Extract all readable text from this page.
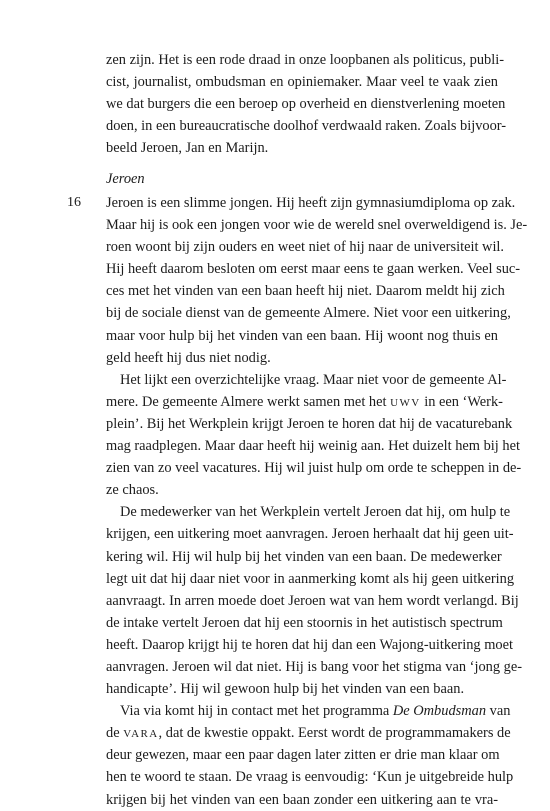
zen zijn. Het is een rode draad in onze loopbanen als politicus, publi-
cist, journalist, ombudsman en opiniemaker. Maar veel te vaak zien
we dat burgers die een beroep op overheid en dienstverlening moeten
doen, in een bureaucratische doolhof verdwaald raken. Zoals bijvoor-
beeld Jeroen, Jan en Marijn.
Jeroen
16 Jeroen is een slimme jongen. Hij heeft zijn gymnasiumdiploma op zak.
Maar hij is ook een jongen voor wie de wereld snel overweldigend is. Je-
roen woont bij zijn ouders en weet niet of hij naar de universiteit wil.
Hij heeft daarom besloten om eerst maar eens te gaan werken. Veel suc-
ces met het vinden van een baan heeft hij niet. Daarom meldt hij zich
bij de sociale dienst van de gemeente Almere. Niet voor een uitkering,
maar voor hulp bij het vinden van een baan. Hij woont nog thuis en
geld heeft hij dus niet nodig.
Het lijkt een overzichtelijke vraag. Maar niet voor de gemeente Al-
mere. De gemeente Almere werkt samen met het UWV in een ‘Werk-
plein’. Bij het Werkplein krijgt Jeroen te horen dat hij de vacaturebank
mag raadplegen. Maar daar heeft hij weinig aan. Het duizelt hem bij het
zien van zo veel vacatures. Hij wil juist hulp om orde te scheppen in de-
ze chaos.
De medewerker van het Werkplein vertelt Jeroen dat hij, om hulp te
krijgen, een uitkering moet aanvragen. Jeroen herhaalt dat hij geen uit-
kering wil. Hij wil hulp bij het vinden van een baan. De medewerker
legt uit dat hij daar niet voor in aanmerking komt als hij geen uitkering
aanvraagt. In arren moede doet Jeroen wat van hem wordt verlangd. Bij
de intake vertelt Jeroen dat hij een stoornis in het autistisch spectrum
heeft. Daarop krijgt hij te horen dat hij dan een Wajong-uitkering moet
aanvragen. Jeroen wil dat niet. Hij is bang voor het stigma van ‘jong ge-
handicapte’. Hij wil gewoon hulp bij het vinden van een baan.
Via via komt hij in contact met het programma De Ombudsman van
de VARA, dat de kwestie oppakt. Eerst wordt de programmamakers de
deur gewezen, maar een paar dagen later zitten er drie man klaar om
hen te woord te staan. De vraag is eenvoudig: ‘Kun je uitgebreide hulp
krijgen bij het vinden van een baan zonder een uitkering aan te vra-
